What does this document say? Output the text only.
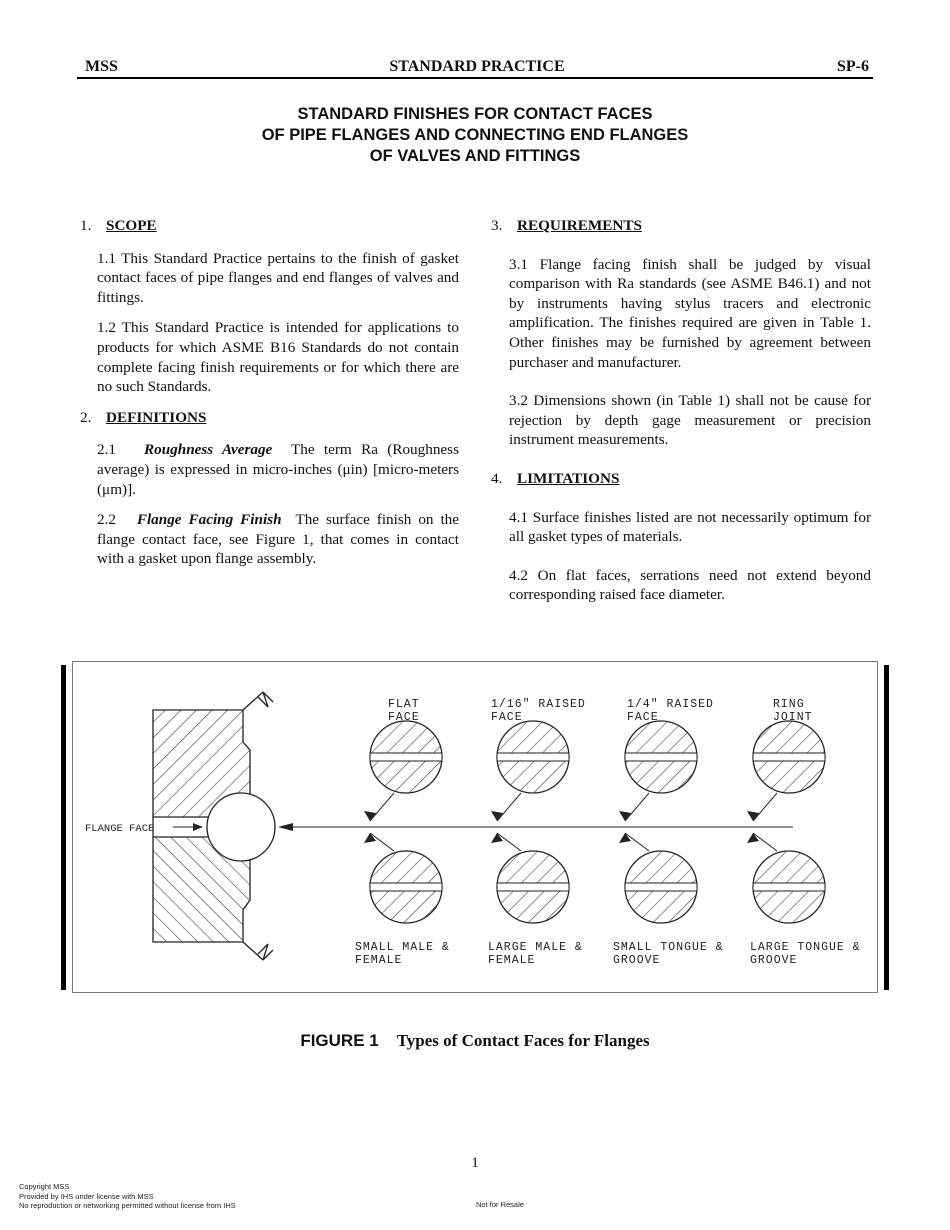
MSS	STANDARD PRACTICE	SP-6
STANDARD FINISHES FOR CONTACT FACES
OF PIPE FLANGES AND CONNECTING END FLANGES
OF VALVES AND FITTINGS
1. SCOPE

1.1 This Standard Practice pertains to the finish of gasket contact faces of pipe flanges and end flanges of valves and fittings.

1.2 This Standard Practice is intended for applications to products for which ASME B16 Standards do not contain complete facing finish requirements or for which there are no such Standards.

2. DEFINITIONS

2.1 Roughness Average The term Ra (Roughness average) is expressed in micro-inches (μin) [micro-meters (μm)].

2.2 Flange Facing Finish The surface finish on the flange contact face, see Figure 1, that comes in contact with a gasket upon flange assembly.

3. REQUIREMENTS

3.1 Flange facing finish shall be judged by visual comparison with Ra standards (see ASME B46.1) and not by instruments having stylus tracers and electronic amplification. The finishes required are given in Table 1. Other finishes may be furnished by agreement between purchaser and manufacturer.

3.2 Dimensions shown (in Table 1) shall not be cause for rejection by depth gage measurement or precision instrument measurements.

4. LIMITATIONS

4.1 Surface finishes listed are not necessarily optimum for all gasket types of materials.

4.2 On flat faces, serrations need not extend beyond corresponding raised face diameter.

FLANGE FACE
FLAT
FACE
1/16" RAISED
FACE
1/4" RAISED
FACE
RING
JOINT
SMALL MALE &
FEMALE
LARGE MALE &
FEMALE
SMALL TONGUE &
GROOVE
LARGE TONGUE &
GROOVE
FIGURE 1 Types of Contact Faces for Flanges
1
Copyright MSS
Provided by IHS under license with MSS
No reproduction or networking permitted without license from IHS	Not for Resale
